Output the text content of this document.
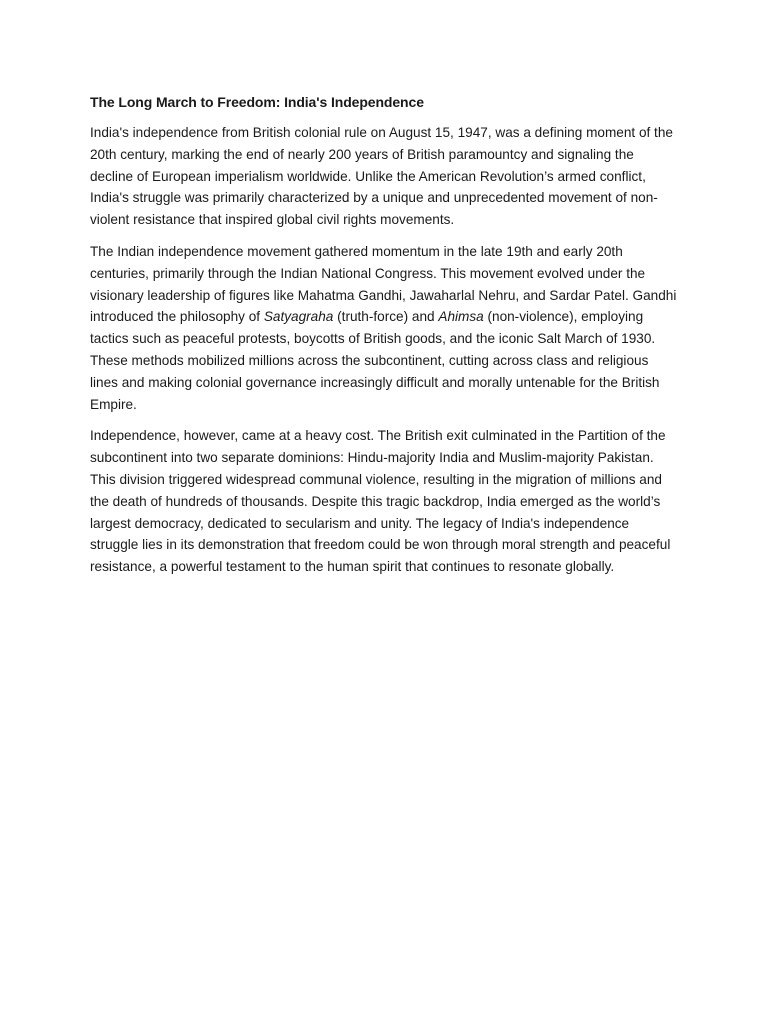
The Long March to Freedom: India's Independence

India's independence from British colonial rule on August 15, 1947, was a defining moment of the 20th century, marking the end of nearly 200 years of British paramountcy and signaling the decline of European imperialism worldwide. Unlike the American Revolution’s armed conflict, India's struggle was primarily characterized by a unique and unprecedented movement of non-violent resistance that inspired global civil rights movements.

The Indian independence movement gathered momentum in the late 19th and early 20th centuries, primarily through the Indian National Congress. This movement evolved under the visionary leadership of figures like Mahatma Gandhi, Jawaharlal Nehru, and Sardar Patel. Gandhi introduced the philosophy of Satyagraha (truth-force) and Ahimsa (non-violence), employing tactics such as peaceful protests, boycotts of British goods, and the iconic Salt March of 1930. These methods mobilized millions across the subcontinent, cutting across class and religious lines and making colonial governance increasingly difficult and morally untenable for the British Empire.

Independence, however, came at a heavy cost. The British exit culminated in the Partition of the subcontinent into two separate dominions: Hindu-majority India and Muslim-majority Pakistan. This division triggered widespread communal violence, resulting in the migration of millions and the death of hundreds of thousands. Despite this tragic backdrop, India emerged as the world’s largest democracy, dedicated to secularism and unity. The legacy of India's independence struggle lies in its demonstration that freedom could be won through moral strength and peaceful resistance, a powerful testament to the human spirit that continues to resonate globally.
